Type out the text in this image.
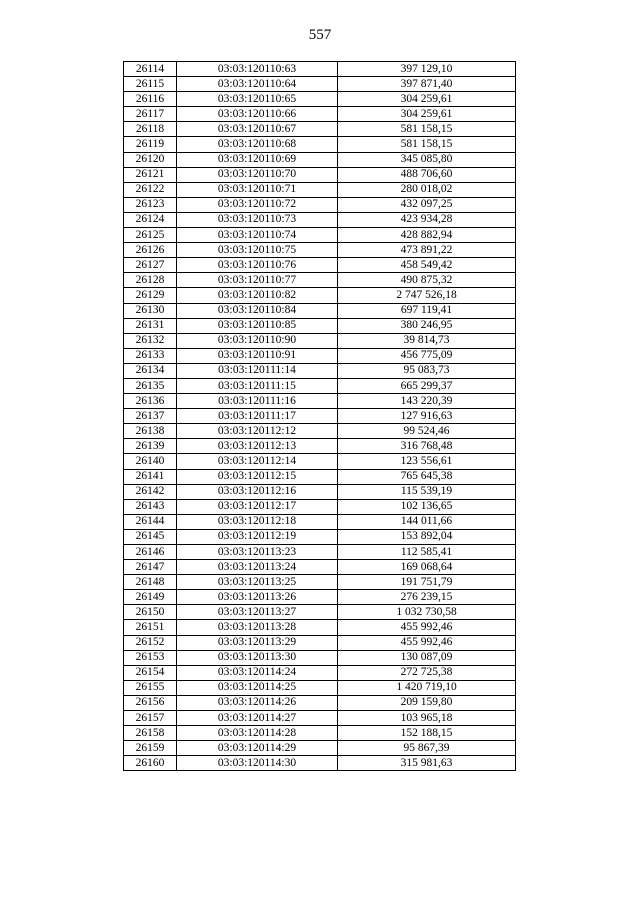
557
26114	03:03:120110:63	397 129,10
26115	03:03:120110:64	397 871,40
26116	03:03:120110:65	304 259,61
26117	03:03:120110:66	304 259,61
26118	03:03:120110:67	581 158,15
26119	03:03:120110:68	581 158,15
26120	03:03:120110:69	345 085,80
26121	03:03:120110:70	488 706,60
26122	03:03:120110:71	280 018,02
26123	03:03:120110:72	432 097,25
26124	03:03:120110:73	423 934,28
26125	03:03:120110:74	428 882,94
26126	03:03:120110:75	473 891,22
26127	03:03:120110:76	458 549,42
26128	03:03:120110:77	490 875,32
26129	03:03:120110:82	2 747 526,18
26130	03:03:120110:84	697 119,41
26131	03:03:120110:85	380 246,95
26132	03:03:120110:90	39 814,73
26133	03:03:120110:91	456 775,09
26134	03:03:120111:14	95 083,73
26135	03:03:120111:15	665 299,37
26136	03:03:120111:16	143 220,39
26137	03:03:120111:17	127 916,63
26138	03:03:120112:12	99 524,46
26139	03:03:120112:13	316 768,48
26140	03:03:120112:14	123 556,61
26141	03:03:120112:15	765 645,38
26142	03:03:120112:16	115 539,19
26143	03:03:120112:17	102 136,65
26144	03:03:120112:18	144 011,66
26145	03:03:120112:19	153 892,04
26146	03:03:120113:23	112 585,41
26147	03:03:120113:24	169 068,64
26148	03:03:120113:25	191 751,79
26149	03:03:120113:26	276 239,15
26150	03:03:120113:27	1 032 730,58
26151	03:03:120113:28	455 992,46
26152	03:03:120113:29	455 992,46
26153	03:03:120113:30	130 087,09
26154	03:03:120114:24	272 725,38
26155	03:03:120114:25	1 420 719,10
26156	03:03:120114:26	209 159,80
26157	03:03:120114:27	103 965,18
26158	03:03:120114:28	152 188,15
26159	03:03:120114:29	95 867,39
26160	03:03:120114:30	315 981,63
